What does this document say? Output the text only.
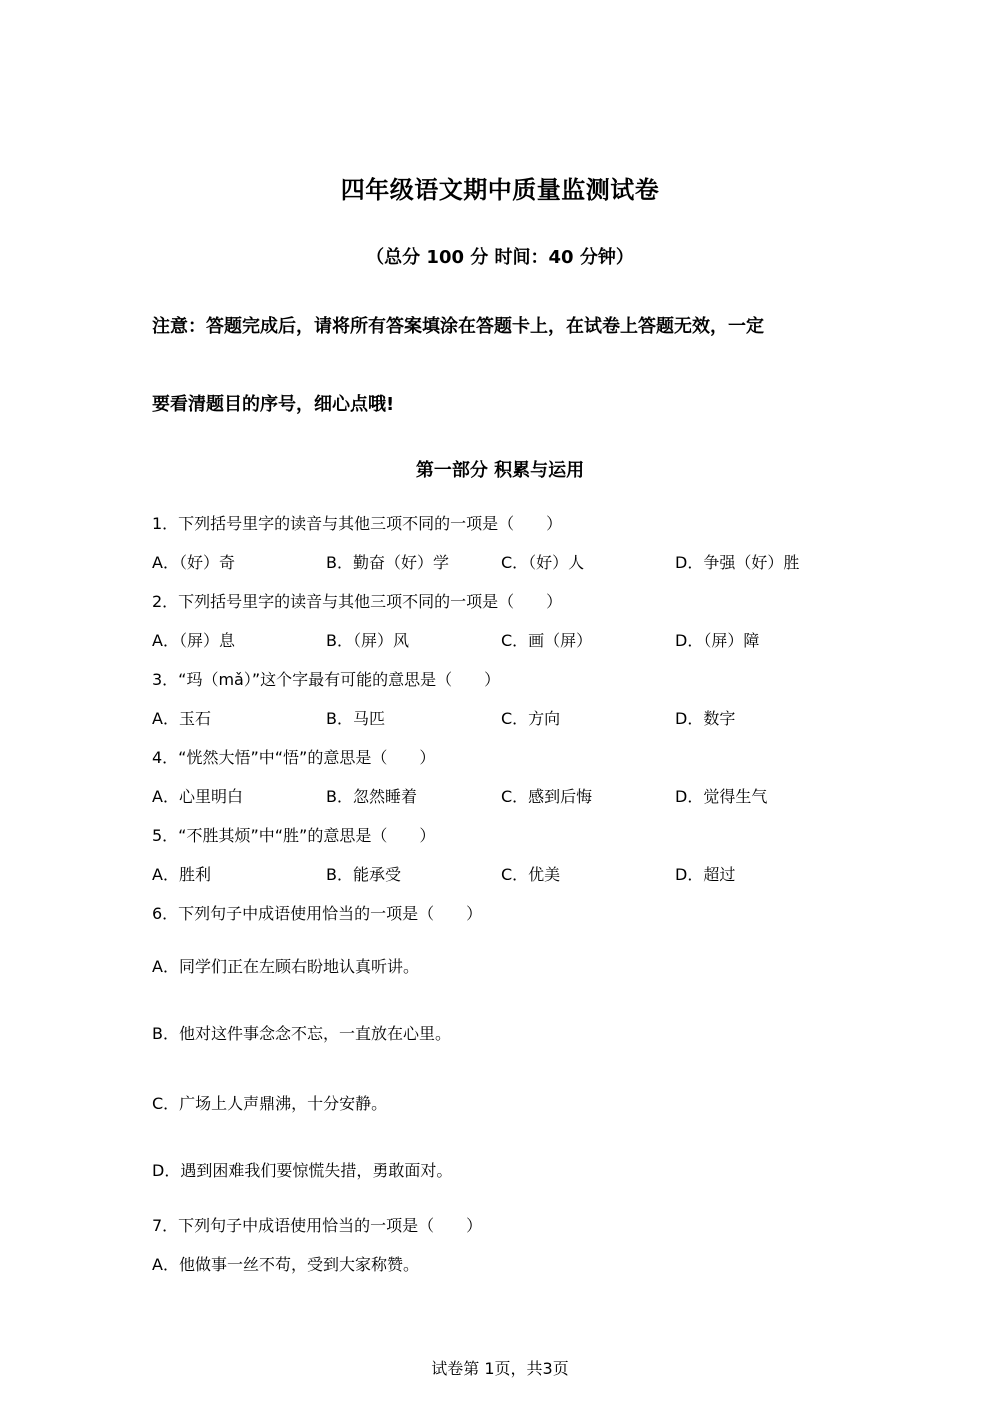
四年级语文期中质量监测试卷
（总分 100 分 时间：40 分钟）
注意：答题完成后，请将所有答案填涂在答题卡上，在试卷上答题无效，一定
要看清题目的序号，细心点哦!
第一部分 积累与运用
1．下列括号里字的读音与其他三项不同的一项是（　　）
A．（好）奇	B．勤奋（好）学	C．（好）人	D．争强（好）胜
2．下列括号里字的读音与其他三项不同的一项是（　　）
A．（屏）息	B．（屏）风	C．画（屏）	D．（屏）障
3．“玛（mǎ）”这个字最有可能的意思是（　　）
A．玉石	B．马匹	C．方向	D．数字
4．“恍然大悟”中“悟”的意思是（　　）
A．心里明白	B．忽然睡着	C．感到后悔	D．觉得生气
5．“不胜其烦”中“胜”的意思是（　　）
A．胜利	B．能承受	C．优美	D．超过
6．下列句子中成语使用恰当的一项是（　　）
A．同学们正在左顾右盼地认真听讲。
B．他对这件事念念不忘，一直放在心里。
C．广场上人声鼎沸，十分安静。
D．遇到困难我们要惊慌失措，勇敢面对。
7．下列句子中成语使用恰当的一项是（　　）
A．他做事一丝不苟，受到大家称赞。
试卷第 1页，共3页
